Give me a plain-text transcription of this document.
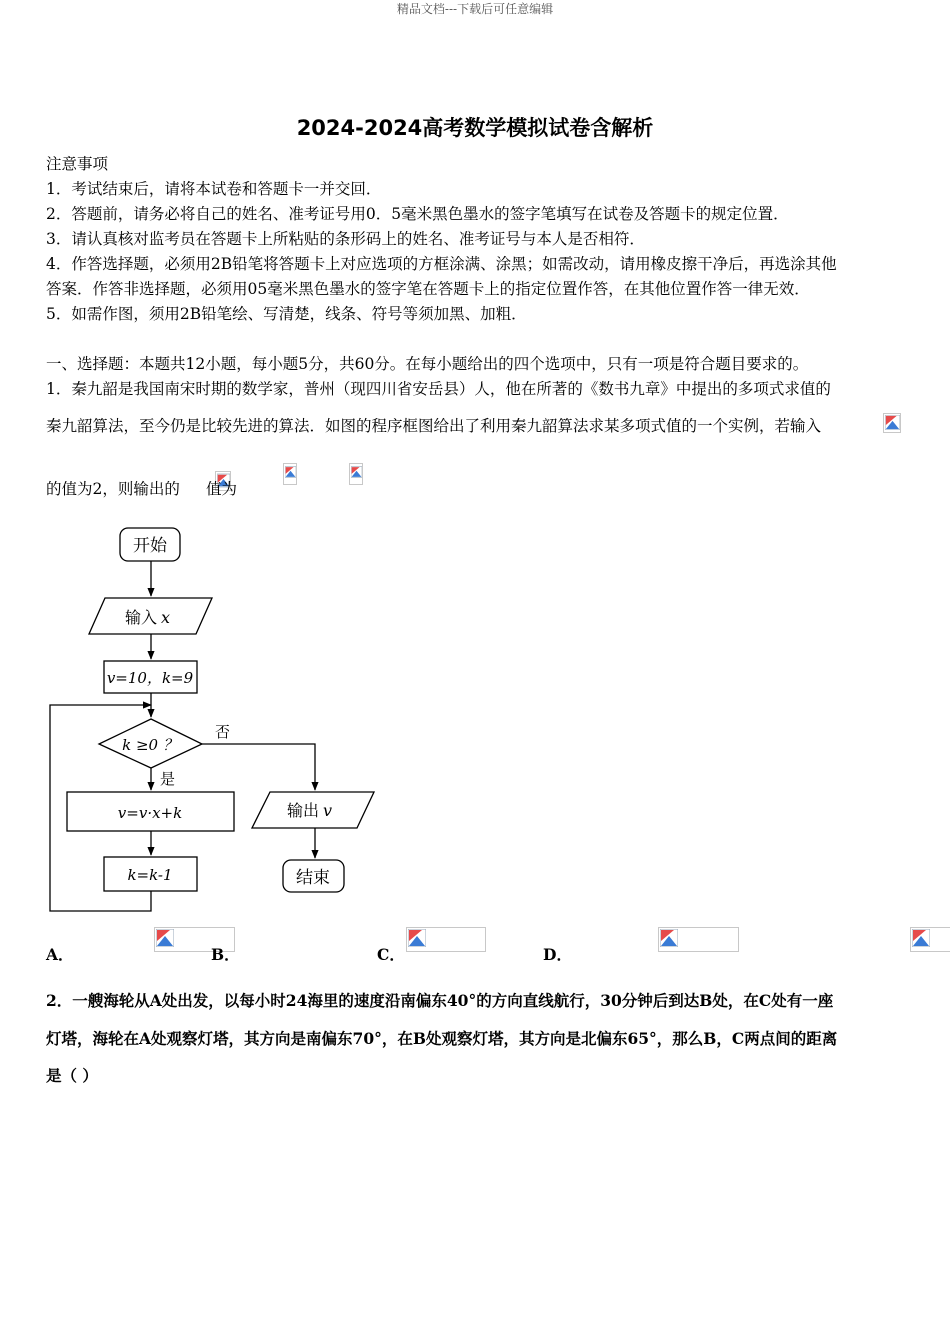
精品文档---下载后可任意编辑
2024-2024高考数学模拟试卷含解析
注意事项
1．考试结束后，请将本试卷和答题卡一并交回．
2．答题前，请务必将自己的姓名、准考证号用0．5毫米黑色墨水的签字笔填写在试卷及答题卡的规定位置．
3．请认真核对监考员在答题卡上所粘贴的条形码上的姓名、准考证号与本人是否相符．
4．作答选择题，必须用2B铅笔将答题卡上对应选项的方框涂满、涂黑；如需改动，请用橡皮擦干净后，再选涂其他
答案．作答非选择题，必须用05毫米黑色墨水的签字笔在答题卡上的指定位置作答，在其他位置作答一律无效．
5．如需作图，须用2B铅笔绘、写清楚，线条、符号等须加黑、加粗．
一、选择题：本题共12小题，每小题5分，共60分。在每小题给出的四个选项中，只有一项是符合题目要求的。
1．秦九韶是我国南宋时期的数学家，普州（现四川省安岳县）人，他在所著的《数书九章》中提出的多项式求值的
秦九韶算法，至今仍是比较先进的算法．如图的程序框图给出了利用秦九韶算法求某多项式值的一个实例，若输入

的值为2，则输出的
值为

开始
输入 x
v=10，k=9
k ≥0 ？
否
是
v=v·x+k
k=k-1
输出 v
结束
A．
	B．
	C．
	D．
2．一艘海轮从A处出发，以每小时24海里的速度沿南偏东40°的方向直线航行，30分钟后到达B处，在C处有一座
灯塔，海轮在A处观察灯塔，其方向是南偏东70°，在B处观察灯塔，其方向是北偏东65°，那么B，C两点间的距离
是（ ）
